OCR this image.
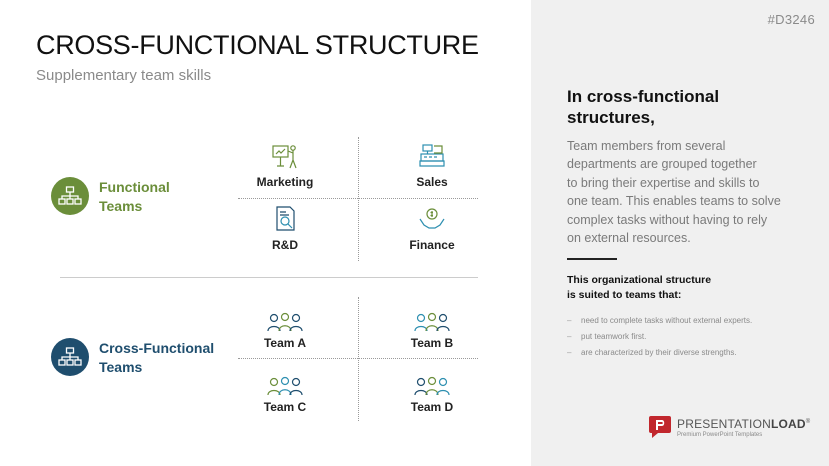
CROSS-FUNCTIONAL STRUCTURE
Supplementary team skills
#D3246
Functional
Teams
Marketing	Sales
R&D	Finance
Cross-Functional
Teams
Team A	Team B
Team C	Team D
In cross-functional
structures,
Team members from several
departments are grouped together
to bring their expertise and skills to
one team. This enables teams to solve
complex tasks without having to rely
on external resources.
This organizational structure
is suited to teams that:
– need to complete tasks without external experts.
– put teamwork first.
– are characterized by their diverse strengths.
PRESENTATIONLOAD®
Premium PowerPoint Templates
